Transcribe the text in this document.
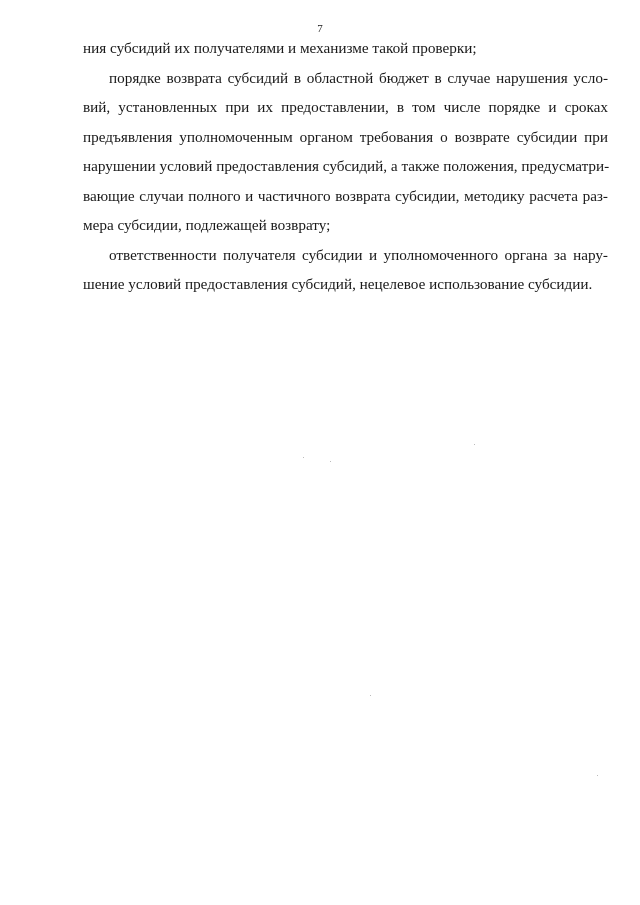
7
ния субсидий их получателями и механизме такой проверки;
порядке возврата субсидий в областной бюджет в случае нарушения усло-
вий, установленных при их предоставлении, в том числе порядке и сроках
предъявления уполномоченным органом требования о возврате субсидии при
нарушении условий предоставления субсидий, а также положения, предусматри-
вающие случаи полного и частичного возврата субсидии, методику расчета раз-
мера субсидии, подлежащей возврату;
ответственности получателя субсидии и уполномоченного органа за нару-
шение условий предоставления субсидий, нецелевое использование субсидии.
